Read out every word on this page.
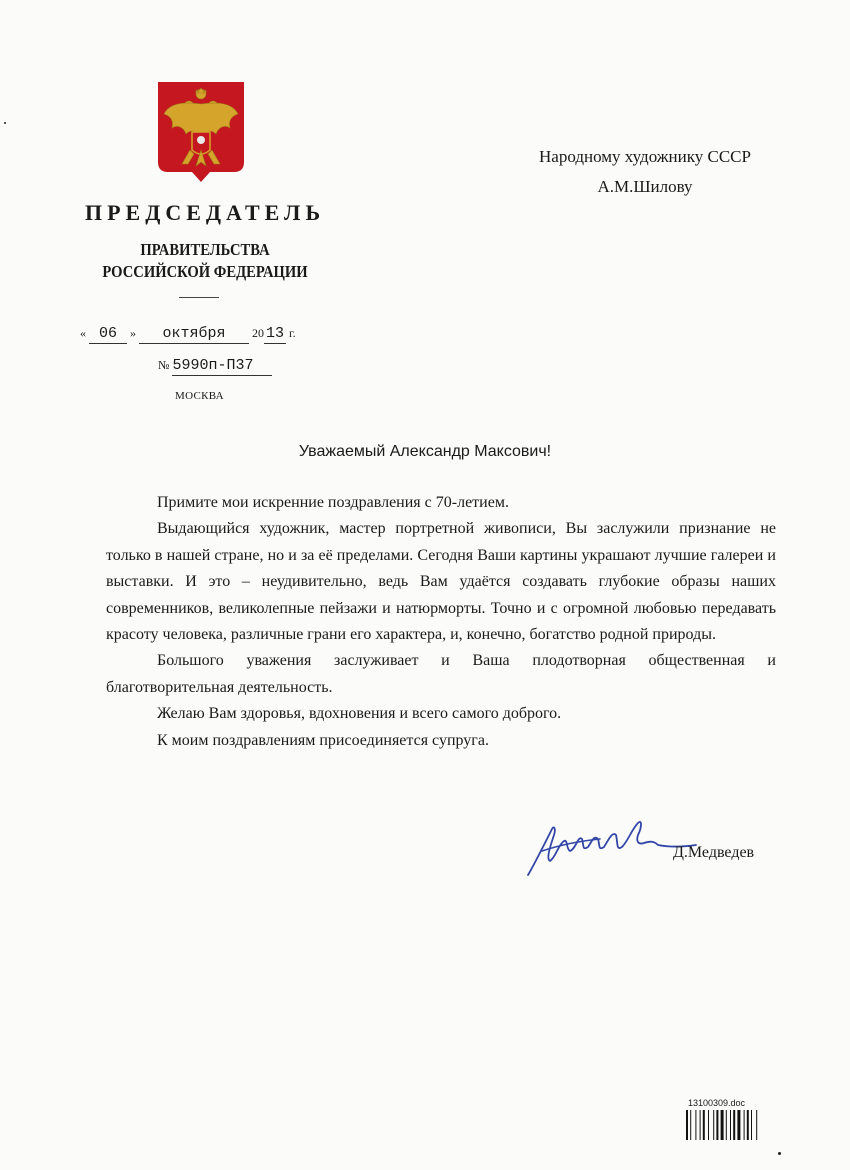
ПРЕДСЕДАТЕЛЬ
ПРАВИТЕЛЬСТВА
РОССИЙСКОЙ ФЕДЕРАЦИИ
Народному художнику СССР
А.М.Шилову
« 06 » октября 20 13 г.
№ 5990п-П37
МОСКВА
Уважаемый Александр Максович!

Примите мои искренние поздравления с 70-летием.

Выдающийся художник, мастер портретной живописи, Вы заслужили признание не только в нашей стране, но и за её пределами. Сегодня Ваши картины украшают лучшие галереи и выставки. И это – неудивительно, ведь Вам удаётся создавать глубокие образы наших современников, великолепные пейзажи и натюрморты. Точно и с огромной любовью передавать красоту человека, различные грани его характера, и, конечно, богатство родной природы.

Большого уважения заслуживает и Ваша плодотворная общественная и благотворительная деятельность.

Желаю Вам здоровья, вдохновения и всего самого доброго.

К моим поздравлениям присоединяется супруга.

Д.Медведев
13100309.doc
